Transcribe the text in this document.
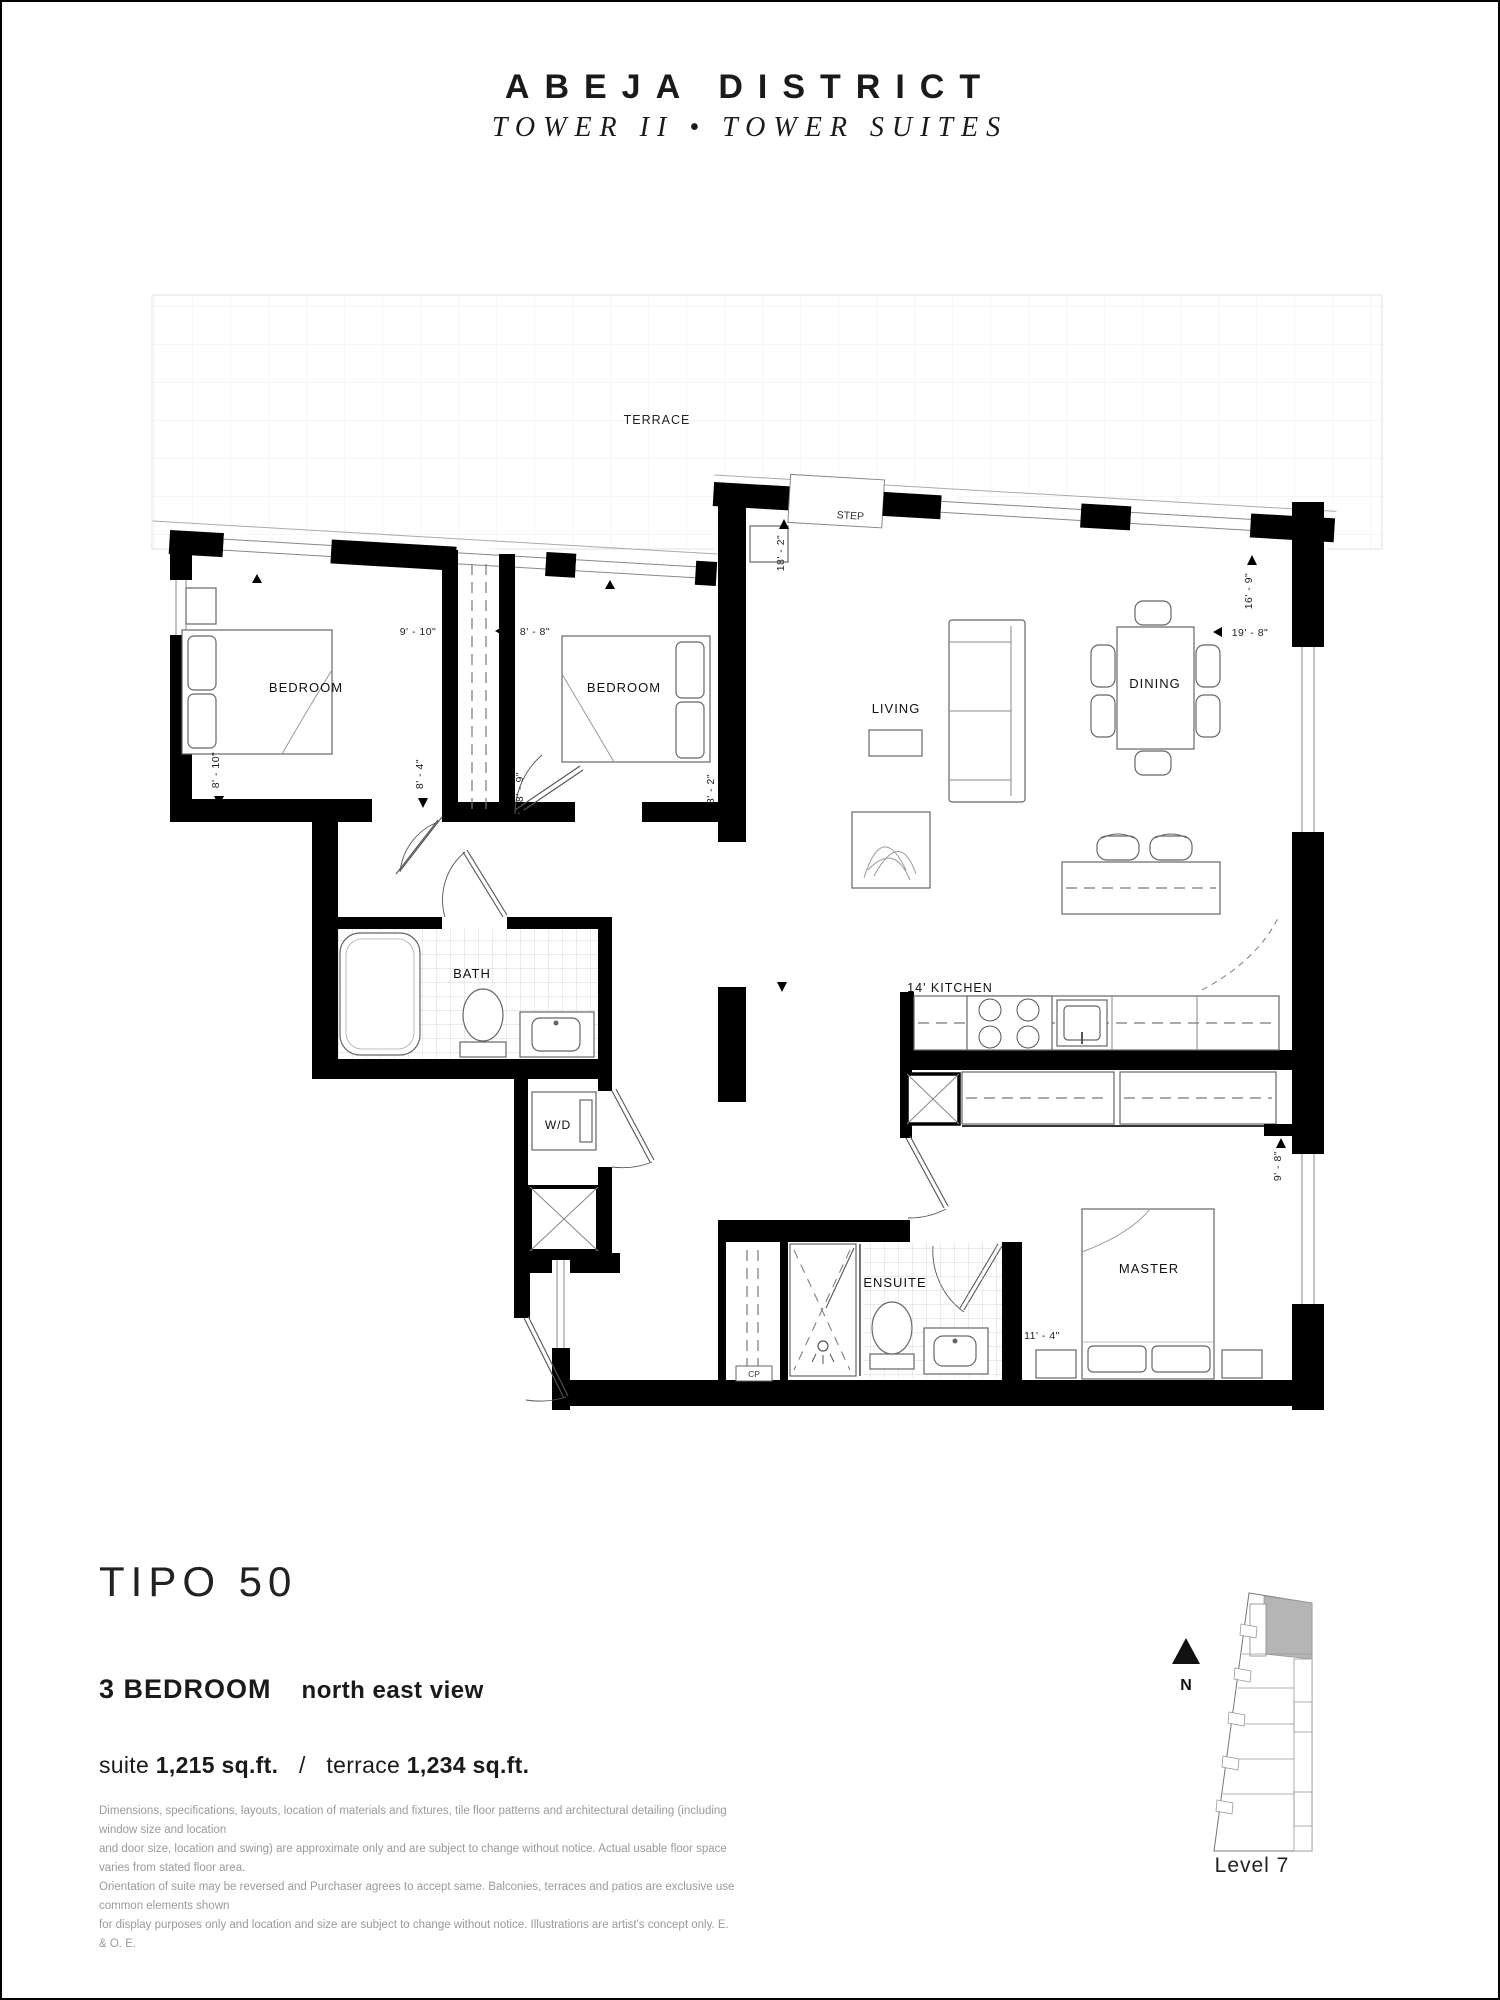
ABEJA DISTRICT
TOWER II • TOWER SUITES
TERRACE
STEP
BEDROOM	BEDROOM
LIVING
DINING
BATH
W/D
14' KITCHEN
CP
ENSUITE
MASTER
9' - 10"	8' - 8"
8' - 10"	8' - 4"	8' - 9"	8' - 2"
18' - 2"
16' - 9"
19' - 8"
11' - 4"
9' - 8"
N
Level 7
TIPO 50
3 BEDROOM north east view
suite 1,215 sq.ft. / terrace 1,234 sq.ft.
Dimensions, specifications, layouts, location of materials and fixtures, tile floor patterns and architectural detailing (including window size and location
and door size, location and swing) are approximate only and are subject to change without notice. Actual usable floor space varies from stated floor area.
Orientation of suite may be reversed and Purchaser agrees to accept same. Balconies, terraces and patios are exclusive use common elements shown
for display purposes only and location and size are subject to change without notice. Illustrations are artist's concept only. E. & O. E.
